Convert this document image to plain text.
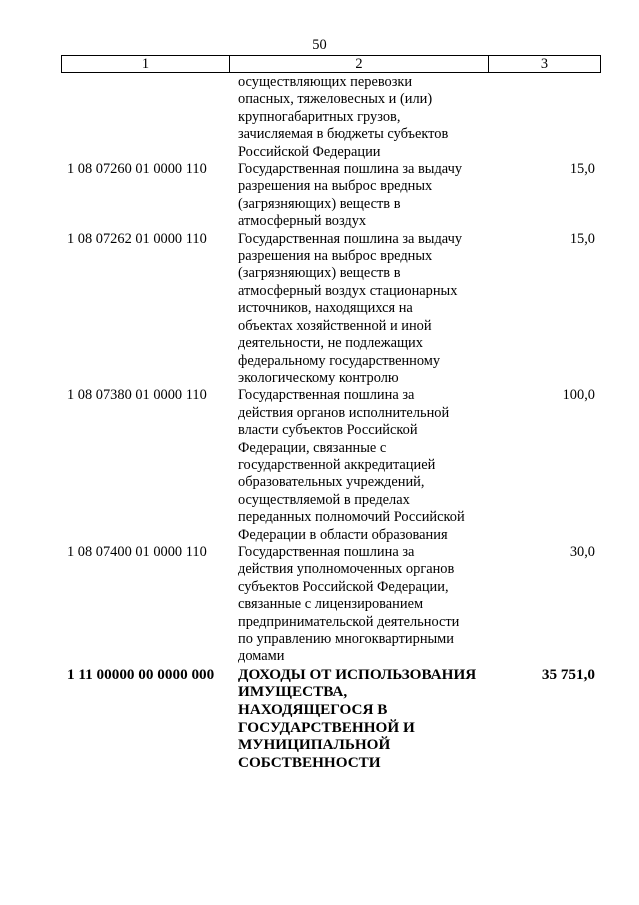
50
1	2	3
осуществляющих перевозки
опасных, тяжеловесных и (или)
крупногабаритных грузов,
зачисляемая в бюджеты субъектов
Российской Федерации
1 08 07260 01 0000 110	Государственная пошлина за выдачу
разрешения на выброс вредных
(загрязняющих) веществ в
атмосферный воздух
15,0
1 08 07262 01 0000 110	Государственная пошлина за выдачу
разрешения на выброс вредных
(загрязняющих) веществ в
атмосферный воздух стационарных
источников, находящихся на
объектах хозяйственной и иной
деятельности, не подлежащих
федеральному государственному
экологическому контролю
15,0
1 08 07380 01 0000 110	Государственная пошлина за
действия органов исполнительной
власти субъектов Российской
Федерации, связанные с
государственной аккредитацией
образовательных учреждений,
осуществляемой в пределах
переданных полномочий Российской
Федерации в области образования
100,0
1 08 07400 01 0000 110	Государственная пошлина за
действия уполномоченных органов
субъектов Российской Федерации,
связанные с лицензированием
предпринимательской деятельности
по управлению многоквартирными
домами
30,0
1 11 00000 00 0000 000	ДОХОДЫ ОТ ИСПОЛЬЗОВАНИЯ
ИМУЩЕСТВА,
НАХОДЯЩЕГОСЯ В
ГОСУДАРСТВЕННОЙ И
МУНИЦИПАЛЬНОЙ
СОБСТВЕННОСТИ
35 751,0
